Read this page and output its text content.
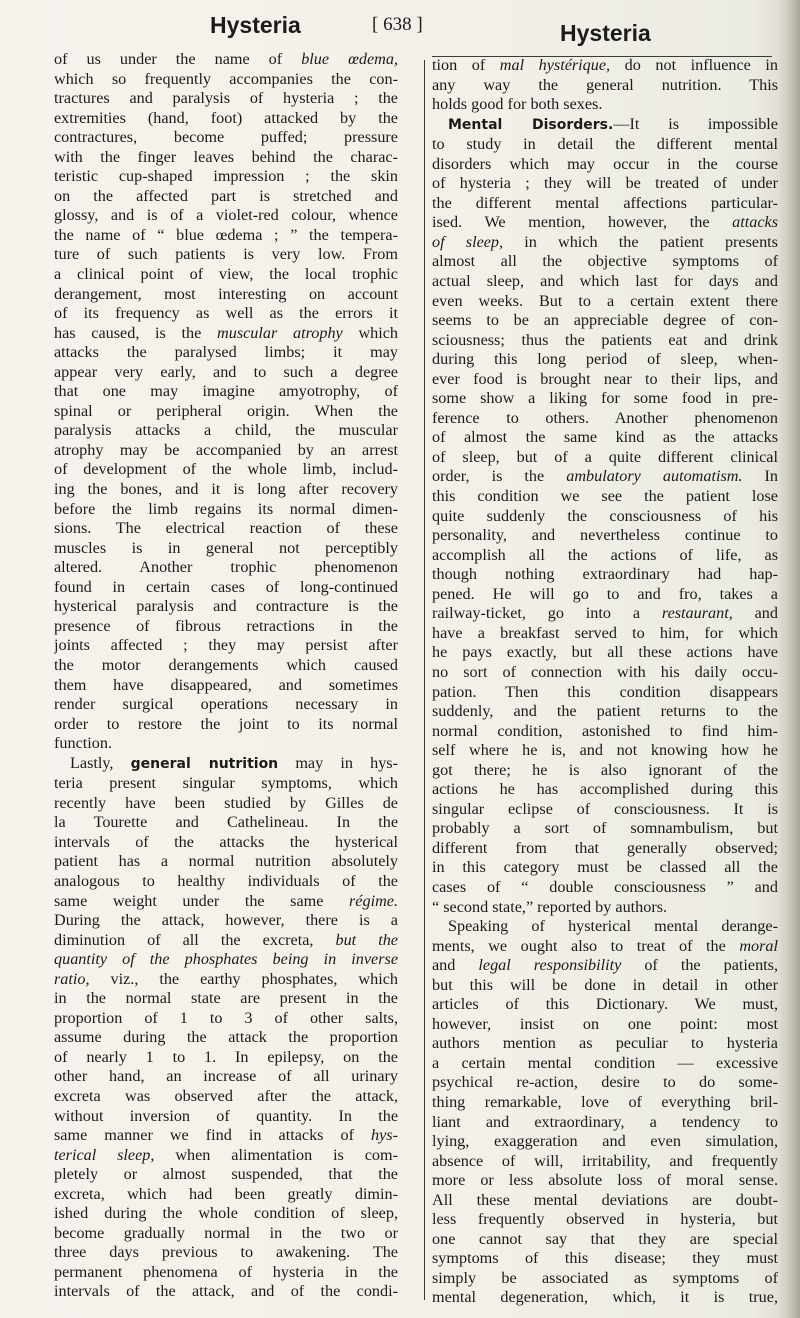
Hysteria	[ 638 ]	Hysteria
of us under the name of blue œdema,
which so frequently accompanies the con-
tractures and paralysis of hysteria ; the
extremities (hand, foot) attacked by the
contractures, become puffed; pressure
with the finger leaves behind the charac-
teristic cup-shaped impression ; the skin
on the affected part is stretched and
glossy, and is of a violet-red colour, whence
the name of “ blue œdema ; ” the tempera-
ture of such patients is very low. From
a clinical point of view, the local trophic
derangement, most interesting on account
of its frequency as well as the errors it
has caused, is the muscular atrophy which
attacks the paralysed limbs; it may
appear very early, and to such a degree
that one may imagine amyotrophy, of
spinal or peripheral origin. When the
paralysis attacks a child, the muscular
atrophy may be accompanied by an arrest
of development of the whole limb, includ-
ing the bones, and it is long after recovery
before the limb regains its normal dimen-
sions. The electrical reaction of these
muscles is in general not perceptibly
altered. Another trophic phenomenon
found in certain cases of long-continued
hysterical paralysis and contracture is the
presence of fibrous retractions in the
joints affected ; they may persist after
the motor derangements which caused
them have disappeared, and sometimes
render surgical operations necessary in
order to restore the joint to its normal
function.
Lastly, general nutrition may in hys-
teria present singular symptoms, which
recently have been studied by Gilles de
la Tourette and Cathelineau. In the
intervals of the attacks the hysterical
patient has a normal nutrition absolutely
analogous to healthy individuals of the
same weight under the same régime.
During the attack, however, there is a
diminution of all the excreta, but the
quantity of the phosphates being in inverse
ratio, viz., the earthy phosphates, which
in the normal state are present in the
proportion of 1 to 3 of other salts,
assume during the attack the proportion
of nearly 1 to 1. In epilepsy, on the
other hand, an increase of all urinary
excreta was observed after the attack,
without inversion of quantity. In the
same manner we find in attacks of hys-
terical sleep, when alimentation is com-
pletely or almost suspended, that the
excreta, which had been greatly dimin-
ished during the whole condition of sleep,
become gradually normal in the two or
three days previous to awakening. The
permanent phenomena of hysteria in the
intervals of the attack, and of the condi-
tion of mal hystérique, do not influence in
any way the general nutrition. This
holds good for both sexes.
Mental Disorders.—It is impossible
to study in detail the different mental
disorders which may occur in the course
of hysteria ; they will be treated of under
the different mental affections particular-
ised. We mention, however, the attacks
of sleep, in which the patient presents
almost all the objective symptoms of
actual sleep, and which last for days and
even weeks. But to a certain extent there
seems to be an appreciable degree of con-
sciousness; thus the patients eat and drink
during this long period of sleep, when-
ever food is brought near to their lips, and
some show a liking for some food in pre-
ference to others. Another phenomenon
of almost the same kind as the attacks
of sleep, but of a quite different clinical
order, is the ambulatory automatism. In
this condition we see the patient lose
quite suddenly the consciousness of his
personality, and nevertheless continue to
accomplish all the actions of life, as
though nothing extraordinary had hap-
pened. He will go to and fro, takes a
railway-ticket, go into a restaurant, and
have a breakfast served to him, for which
he pays exactly, but all these actions have
no sort of connection with his daily occu-
pation. Then this condition disappears
suddenly, and the patient returns to the
normal condition, astonished to find him-
self where he is, and not knowing how he
got there; he is also ignorant of the
actions he has accomplished during this
singular eclipse of consciousness. It is
probably a sort of somnambulism, but
different from that generally observed;
in this category must be classed all the
cases of “ double consciousness ” and
“ second state,” reported by authors.
Speaking of hysterical mental derange-
ments, we ought also to treat of the moral
and legal responsibility of the patients,
but this will be done in detail in other
articles of this Dictionary. We must,
however, insist on one point: most
authors mention as peculiar to hysteria
a certain mental condition — excessive
psychical re-action, desire to do some-
thing remarkable, love of everything bril-
liant and extraordinary, a tendency to
lying, exaggeration and even simulation,
absence of will, irritability, and frequently
more or less absolute loss of moral sense.
All these mental deviations are doubt-
less frequently observed in hysteria, but
one cannot say that they are special
symptoms of this disease; they must
simply be associated as symptoms of
mental degeneration, which, it is true,
